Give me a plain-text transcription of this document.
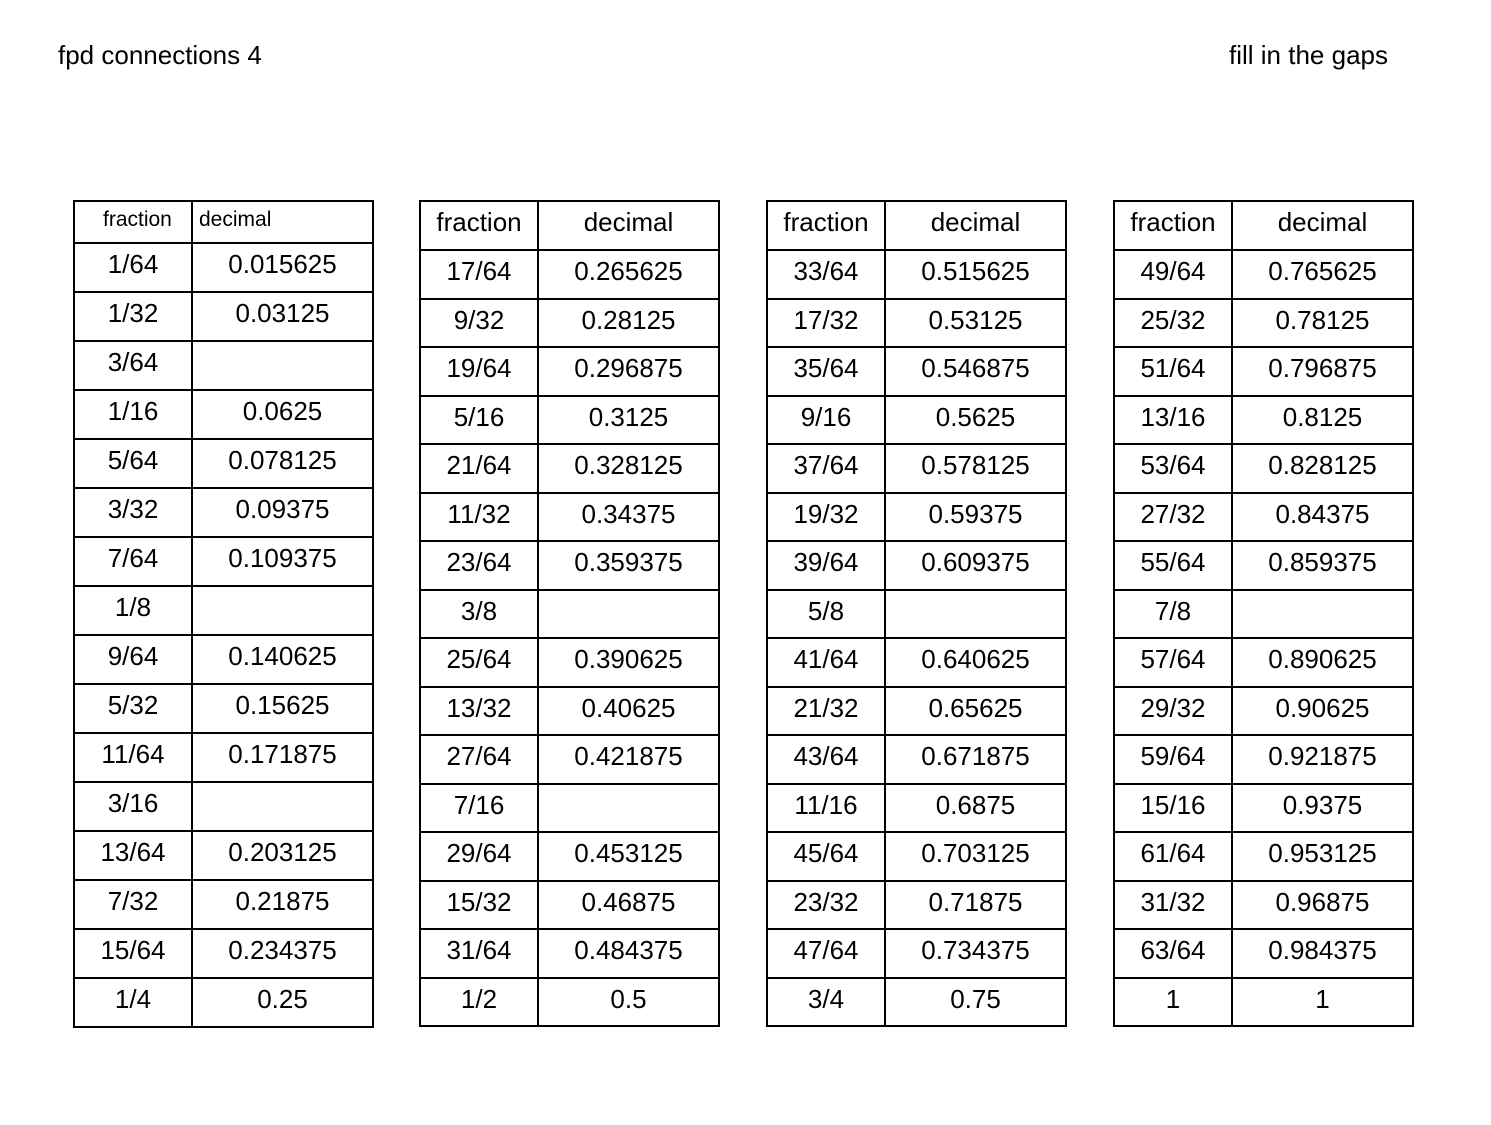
fpd connections 4	fill in the gaps
fraction	decimal
1/64	0.015625
1/32	0.03125
3/64	
1/16	0.0625
5/64	0.078125
3/32	0.09375
7/64	0.109375
1/8	
9/64	0.140625
5/32	0.15625
11/64	0.171875
3/16	
13/64	0.203125
7/32	0.21875
15/64	0.234375
1/4	0.25
fraction	decimal
17/64	0.265625
9/32	0.28125
19/64	0.296875
5/16	0.3125
21/64	0.328125
11/32	0.34375
23/64	0.359375
3/8	
25/64	0.390625
13/32	0.40625
27/64	0.421875
7/16	
29/64	0.453125
15/32	0.46875
31/64	0.484375
1/2	0.5
fraction	decimal
33/64	0.515625
17/32	0.53125
35/64	0.546875
9/16	0.5625
37/64	0.578125
19/32	0.59375
39/64	0.609375
5/8	
41/64	0.640625
21/32	0.65625
43/64	0.671875
11/16	0.6875
45/64	0.703125
23/32	0.71875
47/64	0.734375
3/4	0.75
fraction	decimal
49/64	0.765625
25/32	0.78125
51/64	0.796875
13/16	0.8125
53/64	0.828125
27/32	0.84375
55/64	0.859375
7/8	
57/64	0.890625
29/32	0.90625
59/64	0.921875
15/16	0.9375
61/64	0.953125
31/32	0.96875
63/64	0.984375
1	1
